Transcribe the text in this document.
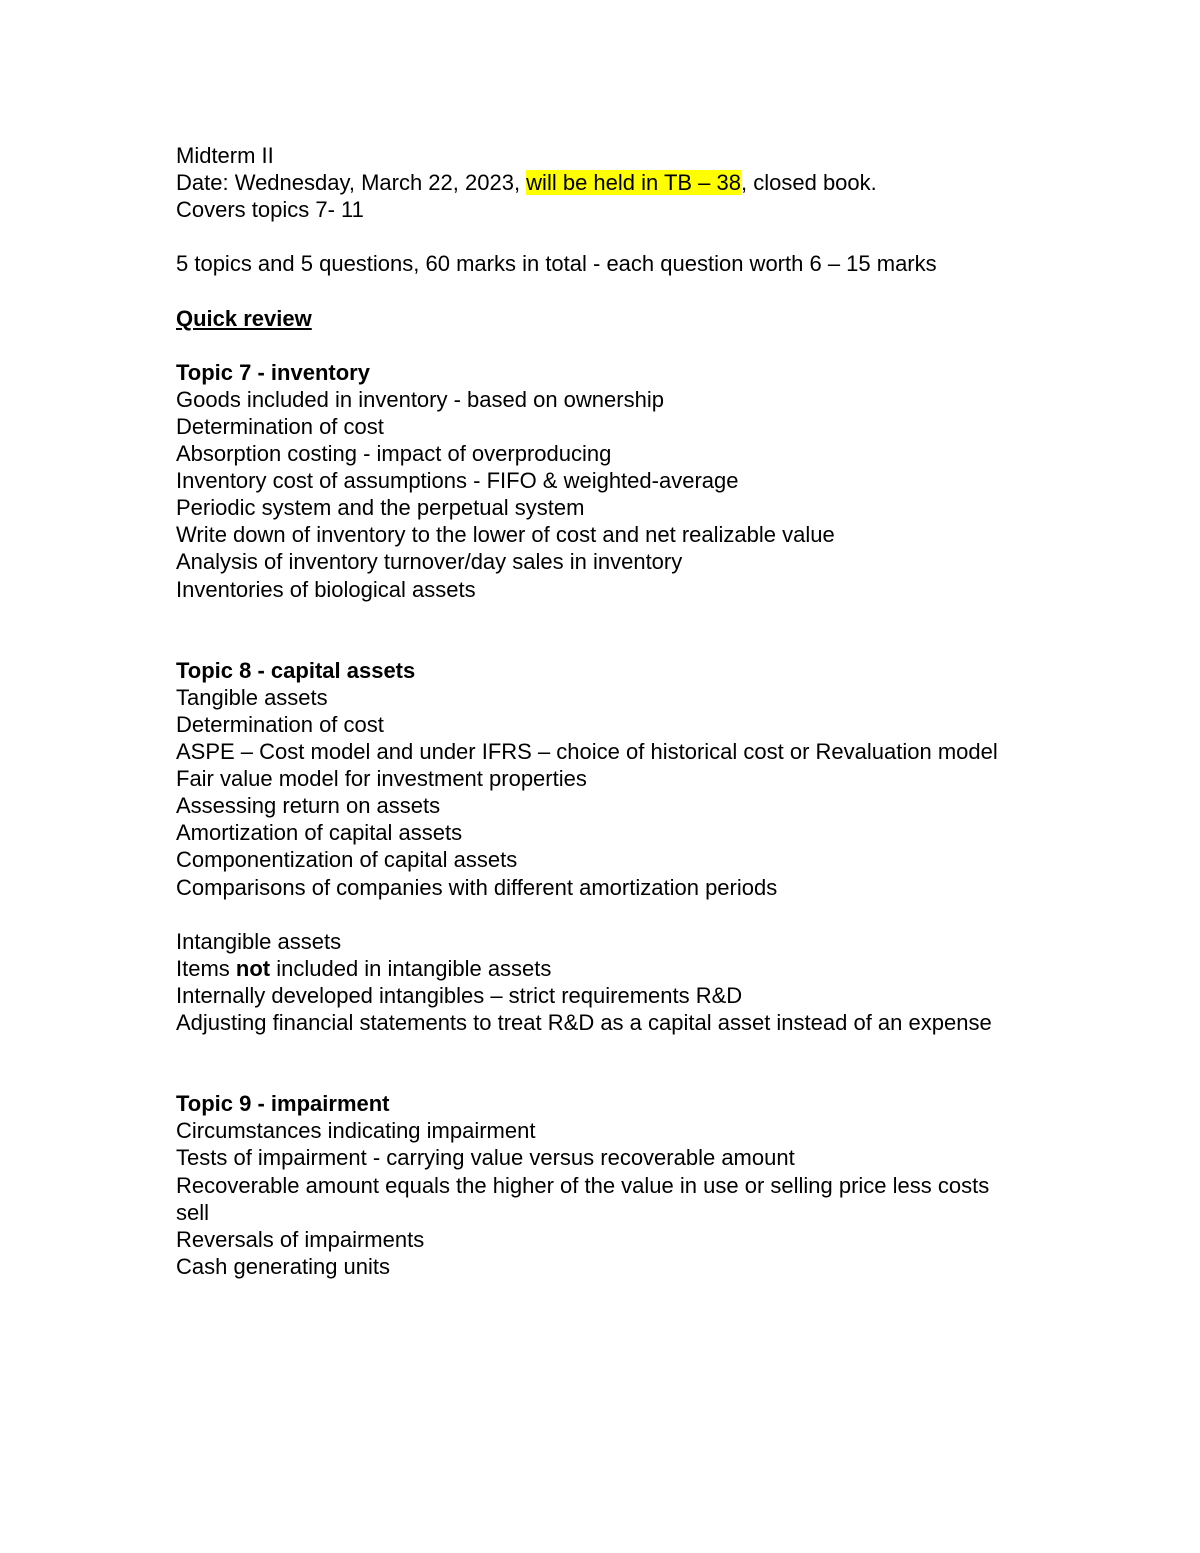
Midterm II
Date: Wednesday, March 22, 2023, will be held in TB – 38, closed book.
Covers topics 7- 11
5 topics and 5 questions, 60 marks in total - each question worth 6 – 15 marks
Quick review
Topic 7 - inventory
Goods included in inventory - based on ownership
Determination of cost
Absorption costing - impact of overproducing
Inventory cost of assumptions - FIFO & weighted-average
Periodic system and the perpetual system
Write down of inventory to the lower of cost and net realizable value
Analysis of inventory turnover/day sales in inventory
Inventories of biological assets
Topic 8 - capital assets
Tangible assets
Determination of cost
ASPE – Cost model and under IFRS – choice of historical cost or Revaluation model
Fair value model for investment properties
Assessing return on assets
Amortization of capital assets
Componentization of capital assets
Comparisons of companies with different amortization periods
Intangible assets
Items not included in intangible assets
Internally developed intangibles – strict requirements R&D
Adjusting financial statements to treat R&D as a capital asset instead of an expense
Topic 9 - impairment
Circumstances indicating impairment
Tests of impairment - carrying value versus recoverable amount
Recoverable amount equals the higher of the value in use or selling price less costs sell
Reversals of impairments
Cash generating units
